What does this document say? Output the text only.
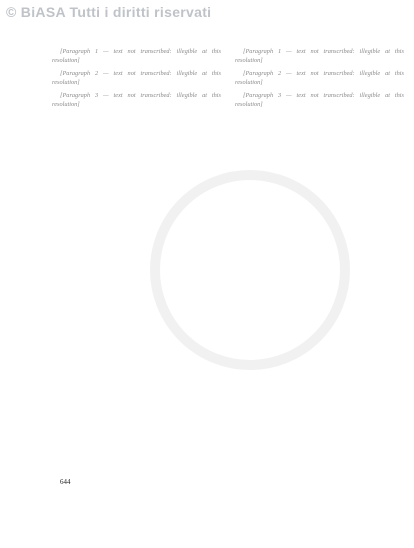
© BiASA Tutti i diritti riservati

[Paragraph 1 — text not transcribed: illegible at this resolution]

[Paragraph 2 — text not transcribed: illegible at this resolution]

[Paragraph 3 — text not transcribed: illegible at this resolution]

[Paragraph 1 — text not transcribed: illegible at this resolution]

[Paragraph 2 — text not transcribed: illegible at this resolution]

[Paragraph 3 — text not transcribed: illegible at this resolution]

644
